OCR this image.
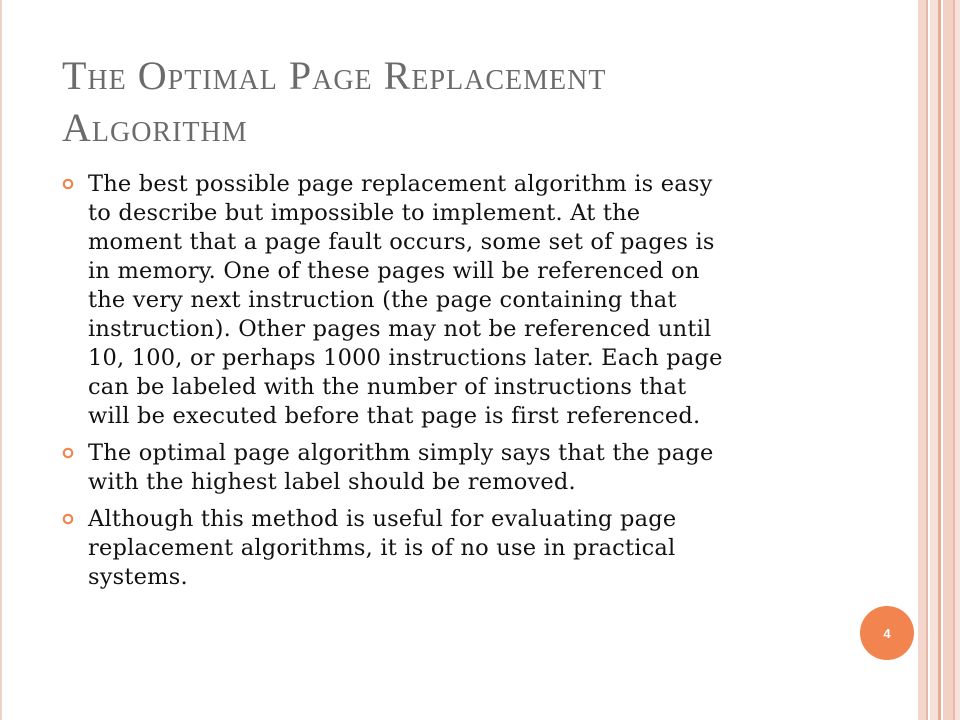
The Optımal Page Replacement
Algorıthm
The best possible page replacement algorithm is easy
to describe but impossible to implement. At the
moment that a page fault occurs, some set of pages is
in memory. One of these pages will be referenced on
the very next instruction (the page containing that
instruction). Other pages may not be referenced until
10, 100, or perhaps 1000 instructions later. Each page
can be labeled with the number of instructions that
will be executed before that page is first referenced.
The optimal page algorithm simply says that the page
with the highest label should be removed.
Although this method is useful for evaluating page
replacement algorithms, it is of no use in practical
systems.
4
